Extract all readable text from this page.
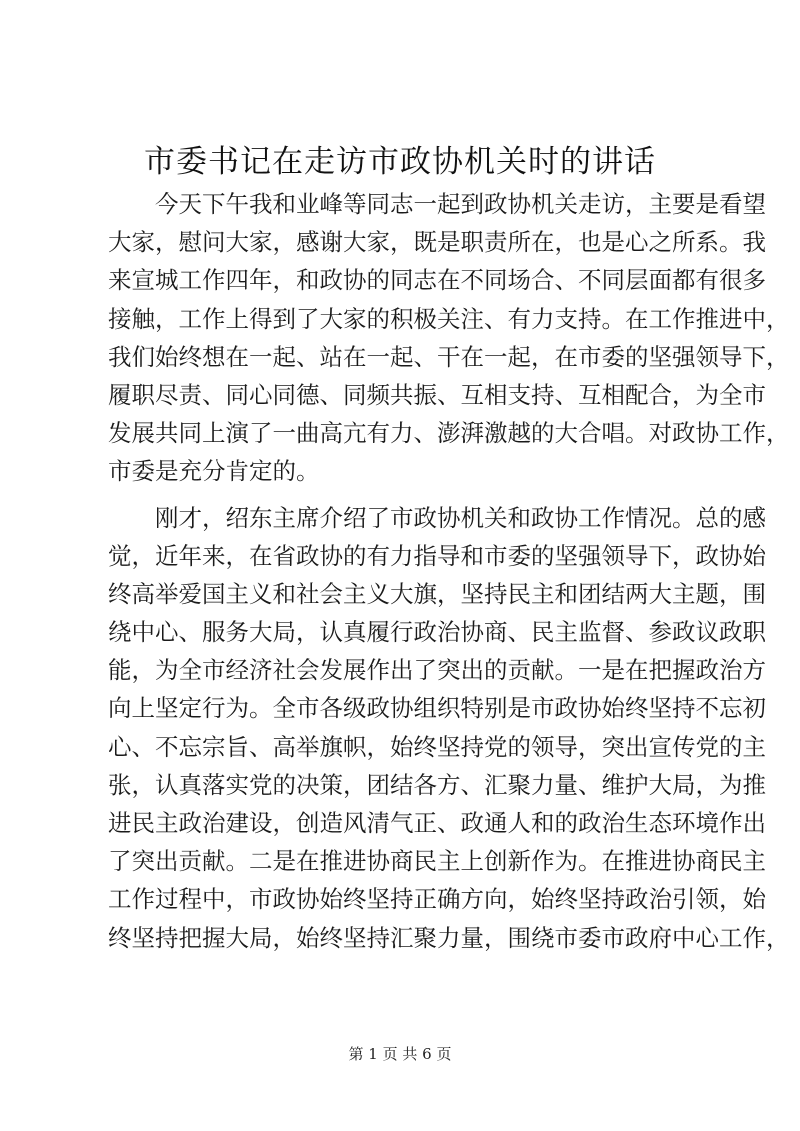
市委书记在走访市政协机关时的讲话
今天下午我和业峰等同志一起到政协机关走访，主要是看望
大家，慰问大家，感谢大家，既是职责所在，也是心之所系。我
来宣城工作四年，和政协的同志在不同场合、不同层面都有很多
接触，工作上得到了大家的积极关注、有力支持。在工作推进中，
我们始终想在一起、站在一起、干在一起，在市委的坚强领导下，
履职尽责、同心同德、同频共振、互相支持、互相配合，为全市
发展共同上演了一曲高亢有力、澎湃激越的大合唱。对政协工作，
市委是充分肯定的。
刚才，绍东主席介绍了市政协机关和政协工作情况。总的感
觉，近年来，在省政协的有力指导和市委的坚强领导下，政协始
终高举爱国主义和社会主义大旗，坚持民主和团结两大主题，围
绕中心、服务大局，认真履行政治协商、民主监督、参政议政职
能，为全市经济社会发展作出了突出的贡献。一是在把握政治方
向上坚定行为。全市各级政协组织特别是市政协始终坚持不忘初
心、不忘宗旨、高举旗帜，始终坚持党的领导，突出宣传党的主
张，认真落实党的决策，团结各方、汇聚力量、维护大局，为推
进民主政治建设，创造风清气正、政通人和的政治生态环境作出
了突出贡献。二是在推进协商民主上创新作为。在推进协商民主
工作过程中，市政协始终坚持正确方向，始终坚持政治引领，始
终坚持把握大局，始终坚持汇聚力量，围绕市委市政府中心工作，
第 1 页 共 6 页
